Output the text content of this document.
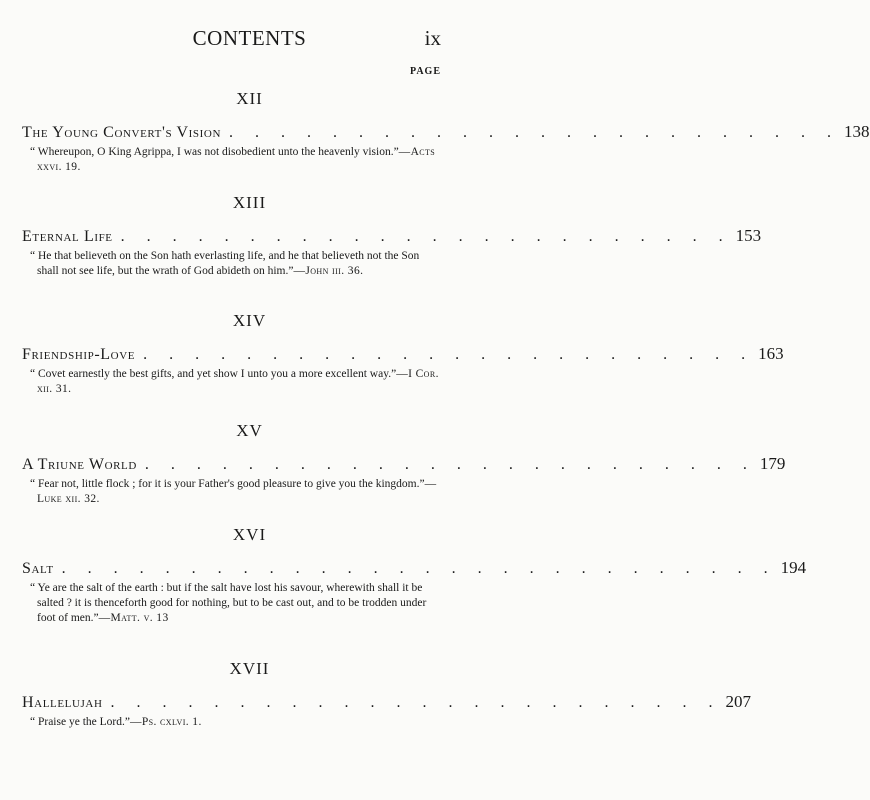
CONTENTS	ix
PAGE
XII
The Young Convert's Vision . . . . . . . . . . . . . . . . . . . . . . . . 138
“ Whereupon, O King Agrippa, I was not disobedient unto the heavenly vision.”—Acts xxvi. 19.
XIII
Eternal Life . . . . . . . . . . . . . . . . . . . . . . . . 153
“ He that believeth on the Son hath everlasting life, and he that believeth not the Son shall not see life, but the wrath of God abideth on him.”—John iii. 36.
XIV
Friendship-Love . . . . . . . . . . . . . . . . . . . . . . . . 163
“ Covet earnestly the best gifts, and yet show I unto you a more excellent way.”—I Cor. xii. 31.
XV
A Triune World . . . . . . . . . . . . . . . . . . . . . . . . 179
“ Fear not, little flock ; for it is your Father's good pleasure to give you the kingdom.”—Luke xii. 32.
XVI
Salt . . . . . . . . . . . . . . . . . . . . . . . . . . . . 194
“ Ye are the salt of the earth : but if the salt have lost his savour, wherewith shall it be salted ? it is thenceforth good for nothing, but to be cast out, and to be trodden under foot of men.”—Matt. v. 13
XVII
Hallelujah . . . . . . . . . . . . . . . . . . . . . . . . 207
“ Praise ye the Lord.”—Ps. cxlvi. 1.
